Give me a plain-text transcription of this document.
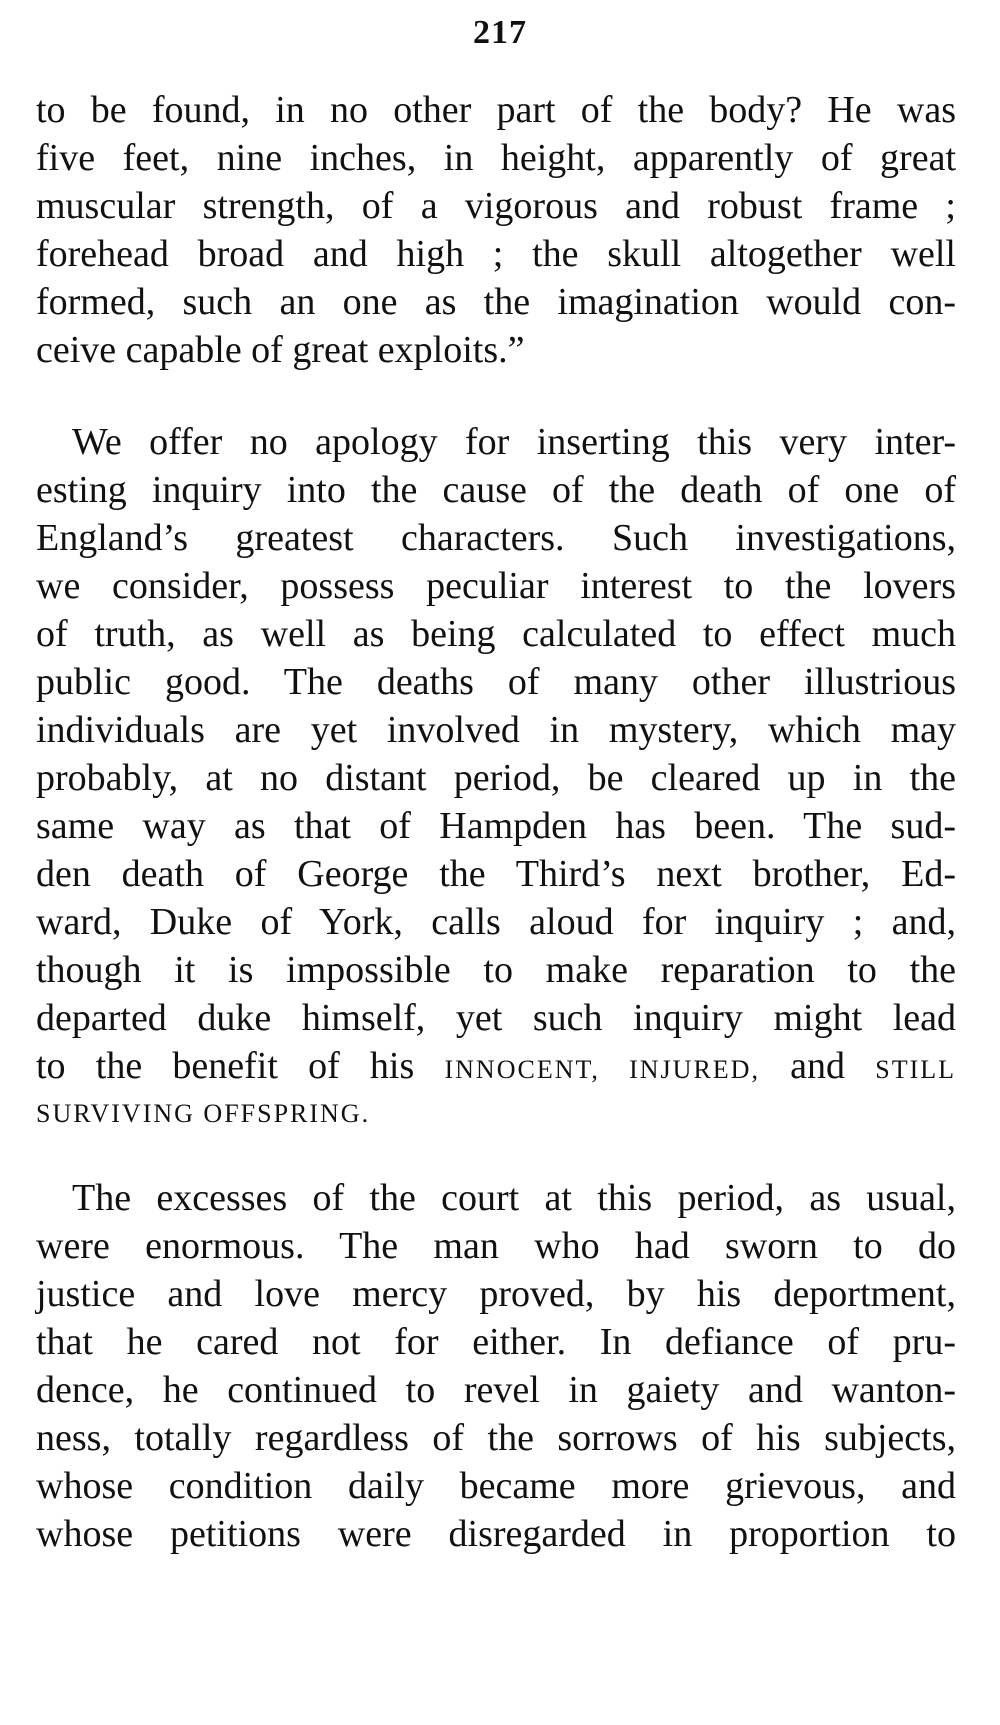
217
to be found, in no other part of the body? He was
five feet, nine inches, in height, apparently of great
muscular strength, of a vigorous and robust frame ;
forehead broad and high ; the skull altogether well
formed, such an one as the imagination would con-
ceive capable of great exploits.”
We offer no apology for inserting this very inter-
esting inquiry into the cause of the death of one of
England’s greatest characters. Such investigations,
we consider, possess peculiar interest to the lovers
of truth, as well as being calculated to effect much
public good. The deaths of many other illustrious
individuals are yet involved in mystery, which may
probably, at no distant period, be cleared up in the
same way as that of Hampden has been. The sud-
den death of George the Third’s next brother, Ed-
ward, Duke of York, calls aloud for inquiry ; and,
though it is impossible to make reparation to the
departed duke himself, yet such inquiry might lead
to the benefit of his INNOCENT, INJURED, and STILL
SURVIVING OFFSPRING.
The excesses of the court at this period, as usual,
were enormous. The man who had sworn to do
justice and love mercy proved, by his deportment,
that he cared not for either. In defiance of pru-
dence, he continued to revel in gaiety and wanton-
ness, totally regardless of the sorrows of his subjects,
whose condition daily became more grievous, and
whose petitions were disregarded in proportion to
